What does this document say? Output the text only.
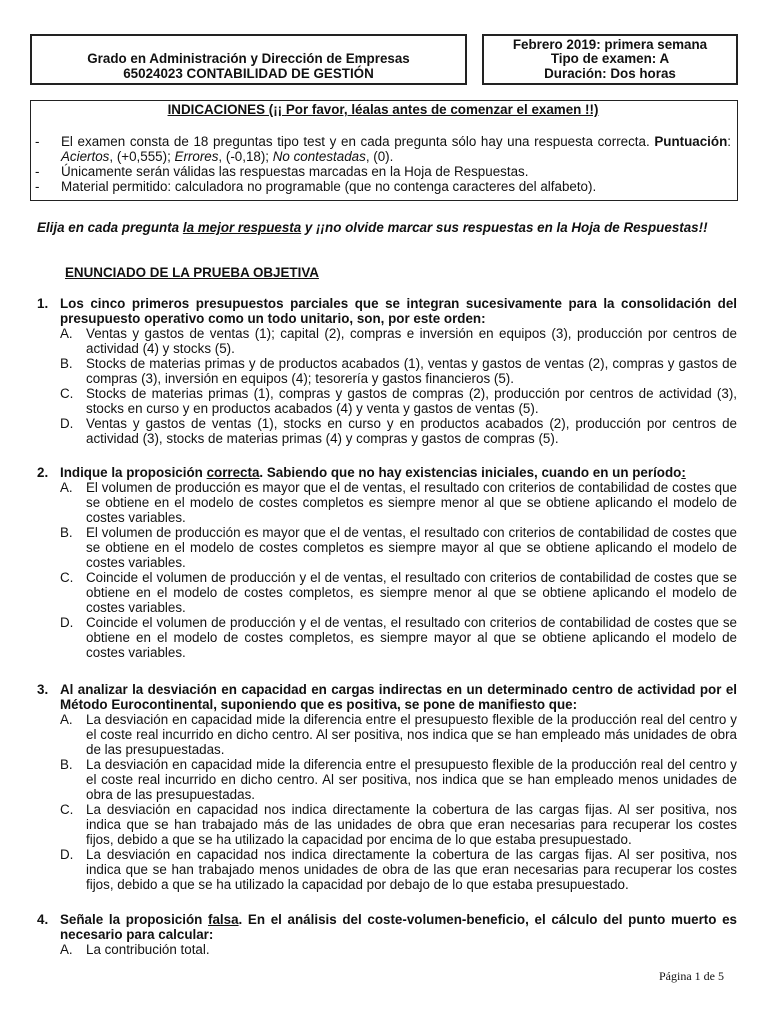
Grado en Administración y Dirección de Empresas
65024023 CONTABILIDAD DE GESTIÓN
Febrero 2019: primera semana
Tipo de examen: A
Duración: Dos horas
INDICACIONES (¡¡ Por favor, léalas antes de comenzar el examen !!)
-	El examen consta de 18 preguntas tipo test y en cada pregunta sólo hay una respuesta correcta. Puntuación: Aciertos, (+0,555); Errores, (-0,18); No contestadas, (0).
-	Únicamente serán válidas las respuestas marcadas en la Hoja de Respuestas.
-	Material permitido: calculadora no programable (que no contenga caracteres del alfabeto).
Elija en cada pregunta la mejor respuesta y ¡¡no olvide marcar sus respuestas en la Hoja de Respuestas!!
ENUNCIADO DE LA PRUEBA OBJETIVA
1. Los cinco primeros presupuestos parciales que se integran sucesivamente para la consolidación del presupuesto operativo como un todo unitario, son, por este orden:
A. Ventas y gastos de ventas (1); capital (2), compras e inversión en equipos (3), producción por centros de actividad (4) y stocks (5).
B. Stocks de materias primas y de productos acabados (1), ventas y gastos de ventas (2), compras y gastos de compras (3), inversión en equipos (4); tesorería y gastos financieros (5).
C. Stocks de materias primas (1), compras y gastos de compras (2), producción por centros de actividad (3), stocks en curso y en productos acabados (4) y venta y gastos de ventas (5).
D. Ventas y gastos de ventas (1), stocks en curso y en productos acabados (2), producción por centros de actividad (3), stocks de materias primas (4) y compras y gastos de compras (5).
2. Indique la proposición correcta. Sabiendo que no hay existencias iniciales, cuando en un período:
A. El volumen de producción es mayor que el de ventas, el resultado con criterios de contabilidad de costes que se obtiene en el modelo de costes completos es siempre menor al que se obtiene aplicando el modelo de costes variables.
B. El volumen de producción es mayor que el de ventas, el resultado con criterios de contabilidad de costes que se obtiene en el modelo de costes completos es siempre mayor al que se obtiene aplicando el modelo de costes variables.
C. Coincide el volumen de producción y el de ventas, el resultado con criterios de contabilidad de costes que se obtiene en el modelo de costes completos, es siempre menor al que se obtiene aplicando el modelo de costes variables.
D. Coincide el volumen de producción y el de ventas, el resultado con criterios de contabilidad de costes que se obtiene en el modelo de costes completos, es siempre mayor al que se obtiene aplicando el modelo de costes variables.
3. Al analizar la desviación en capacidad en cargas indirectas en un determinado centro de actividad por el Método Eurocontinental, suponiendo que es positiva, se pone de manifiesto que:
A. La desviación en capacidad mide la diferencia entre el presupuesto flexible de la producción real del centro y el coste real incurrido en dicho centro. Al ser positiva, nos indica que se han empleado más unidades de obra de las presupuestadas.
B. La desviación en capacidad mide la diferencia entre el presupuesto flexible de la producción real del centro y el coste real incurrido en dicho centro. Al ser positiva, nos indica que se han empleado menos unidades de obra de las presupuestadas.
C. La desviación en capacidad nos indica directamente la cobertura de las cargas fijas. Al ser positiva, nos indica que se han trabajado más de las unidades de obra que eran necesarias para recuperar los costes fijos, debido a que se ha utilizado la capacidad por encima de lo que estaba presupuestado.
D. La desviación en capacidad nos indica directamente la cobertura de las cargas fijas. Al ser positiva, nos indica que se han trabajado menos unidades de obra de las que eran necesarias para recuperar los costes fijos, debido a que se ha utilizado la capacidad por debajo de lo que estaba presupuestado.
4. Señale la proposición falsa. En el análisis del coste-volumen-beneficio, el cálculo del punto muerto es necesario para calcular:
A. La contribución total.
Página 1 de 5
